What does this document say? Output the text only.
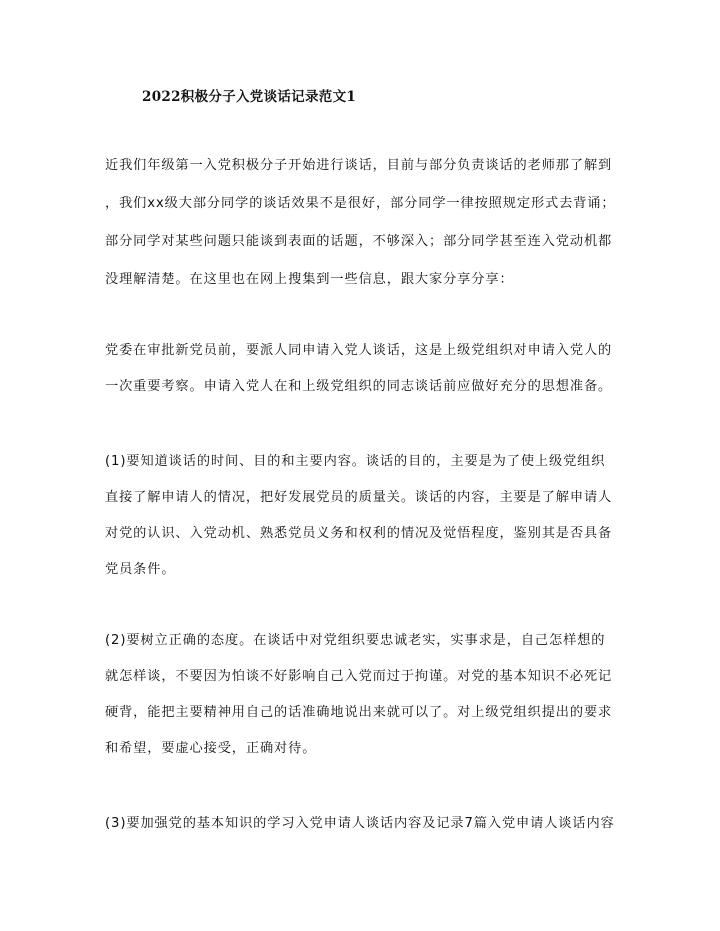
2022积极分子入党谈话记录范文1
近我们年级第一入党积极分子开始进行谈话，目前与部分负责谈话的老师那了解到
，我们xx级大部分同学的谈话效果不是很好，部分同学一律按照规定形式去背诵；
部分同学对某些问题只能谈到表面的话题，不够深入；部分同学甚至连入党动机都
没理解清楚。在这里也在网上搜集到一些信息，跟大家分享分享：
党委在审批新党员前，要派人同申请入党人谈话，这是上级党组织对申请入党人的
一次重要考察。申请入党人在和上级党组织的同志谈话前应做好充分的思想准备。
(1)要知道谈话的时间、目的和主要内容。谈话的目的，主要是为了使上级党组织
直接了解申请人的情况，把好发展党员的质量关。谈话的内容，主要是了解申请人
对党的认识、入党动机、熟悉党员义务和权利的情况及觉悟程度，鉴别其是否具备
党员条件。
(2)要树立正确的态度。在谈话中对党组织要忠诚老实，实事求是，自己怎样想的
就怎样谈，不要因为怕谈不好影响自己入党而过于拘谨。对党的基本知识不必死记
硬背，能把主要精神用自己的话准确地说出来就可以了。对上级党组织提出的要求
和希望，要虚心接受，正确对待。
(3)要加强党的基本知识的学习入党申请人谈话内容及记录7篇入党申请人谈话内容
